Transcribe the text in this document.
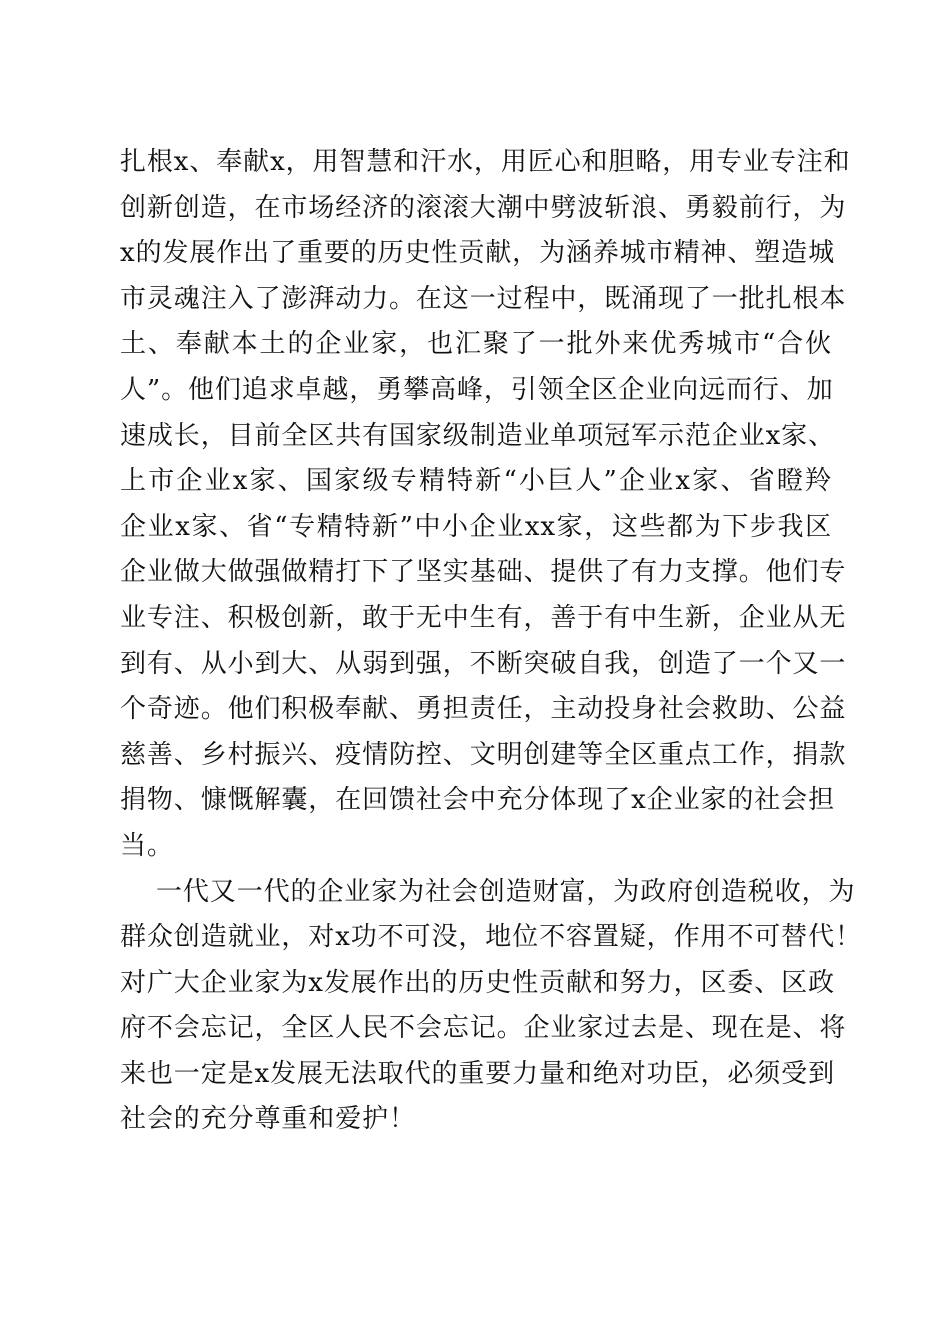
扎根x、奉献x，用智慧和汗水，用匠心和胆略，用专业专注和
创新创造，在市场经济的滚滚大潮中劈波斩浪、勇毅前行，为
x的发展作出了重要的历史性贡献，为涵养城市精神、塑造城
市灵魂注入了澎湃动力。在这一过程中，既涌现了一批扎根本
土、奉献本土的企业家，也汇聚了一批外来优秀城市“合伙
人”。他们追求卓越，勇攀高峰，引领全区企业向远而行、加
速成长，目前全区共有国家级制造业单项冠军示范企业x家、
上市企业x家、国家级专精特新“小巨人”企业x家、省瞪羚
企业x家、省“专精特新”中小企业xx家，这些都为下步我区
企业做大做强做精打下了坚实基础、提供了有力支撑。他们专
业专注、积极创新，敢于无中生有，善于有中生新，企业从无
到有、从小到大、从弱到强，不断突破自我，创造了一个又一
个奇迹。他们积极奉献、勇担责任，主动投身社会救助、公益
慈善、乡村振兴、疫情防控、文明创建等全区重点工作，捐款
捐物、慷慨解囊，在回馈社会中充分体现了x企业家的社会担
当。
一代又一代的企业家为社会创造财富，为政府创造税收，为
群众创造就业，对x功不可没，地位不容置疑，作用不可替代！
对广大企业家为x发展作出的历史性贡献和努力，区委、区政
府不会忘记，全区人民不会忘记。企业家过去是、现在是、将
来也一定是x发展无法取代的重要力量和绝对功臣，必须受到
社会的充分尊重和爱护！
